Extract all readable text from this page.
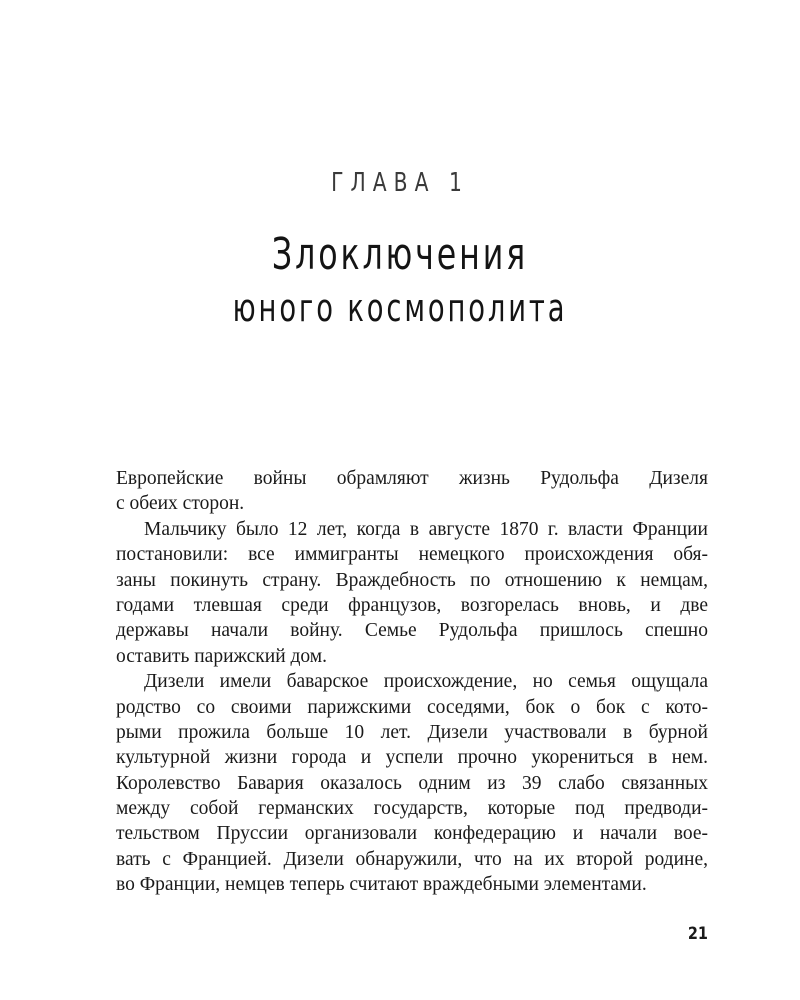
ГЛАВА 1
Злоключения
юного космополита
Европейские войны обрамляют жизнь Рудольфа Дизеля
с обеих сторон.
Мальчику было 12 лет, когда в августе 1870 г. власти Франции
постановили: все иммигранты немецкого происхождения обя-
заны покинуть страну. Враждебность по отношению к немцам,
годами тлевшая среди французов, возгорелась вновь, и две
державы начали войну. Семье Рудольфа пришлось спешно
оставить парижский дом.
Дизели имели баварское происхождение, но семья ощущала
родство со своими парижскими соседями, бок о бок с кото-
рыми прожила больше 10 лет. Дизели участвовали в бурной
культурной жизни города и успели прочно укорениться в нем.
Королевство Бавария оказалось одним из 39 слабо связанных
между собой германских государств, которые под предводи-
тельством Пруссии организовали конфедерацию и начали вое-
вать с Францией. Дизели обнаружили, что на их второй родине,
во Франции, немцев теперь считают враждебными элементами.
21
